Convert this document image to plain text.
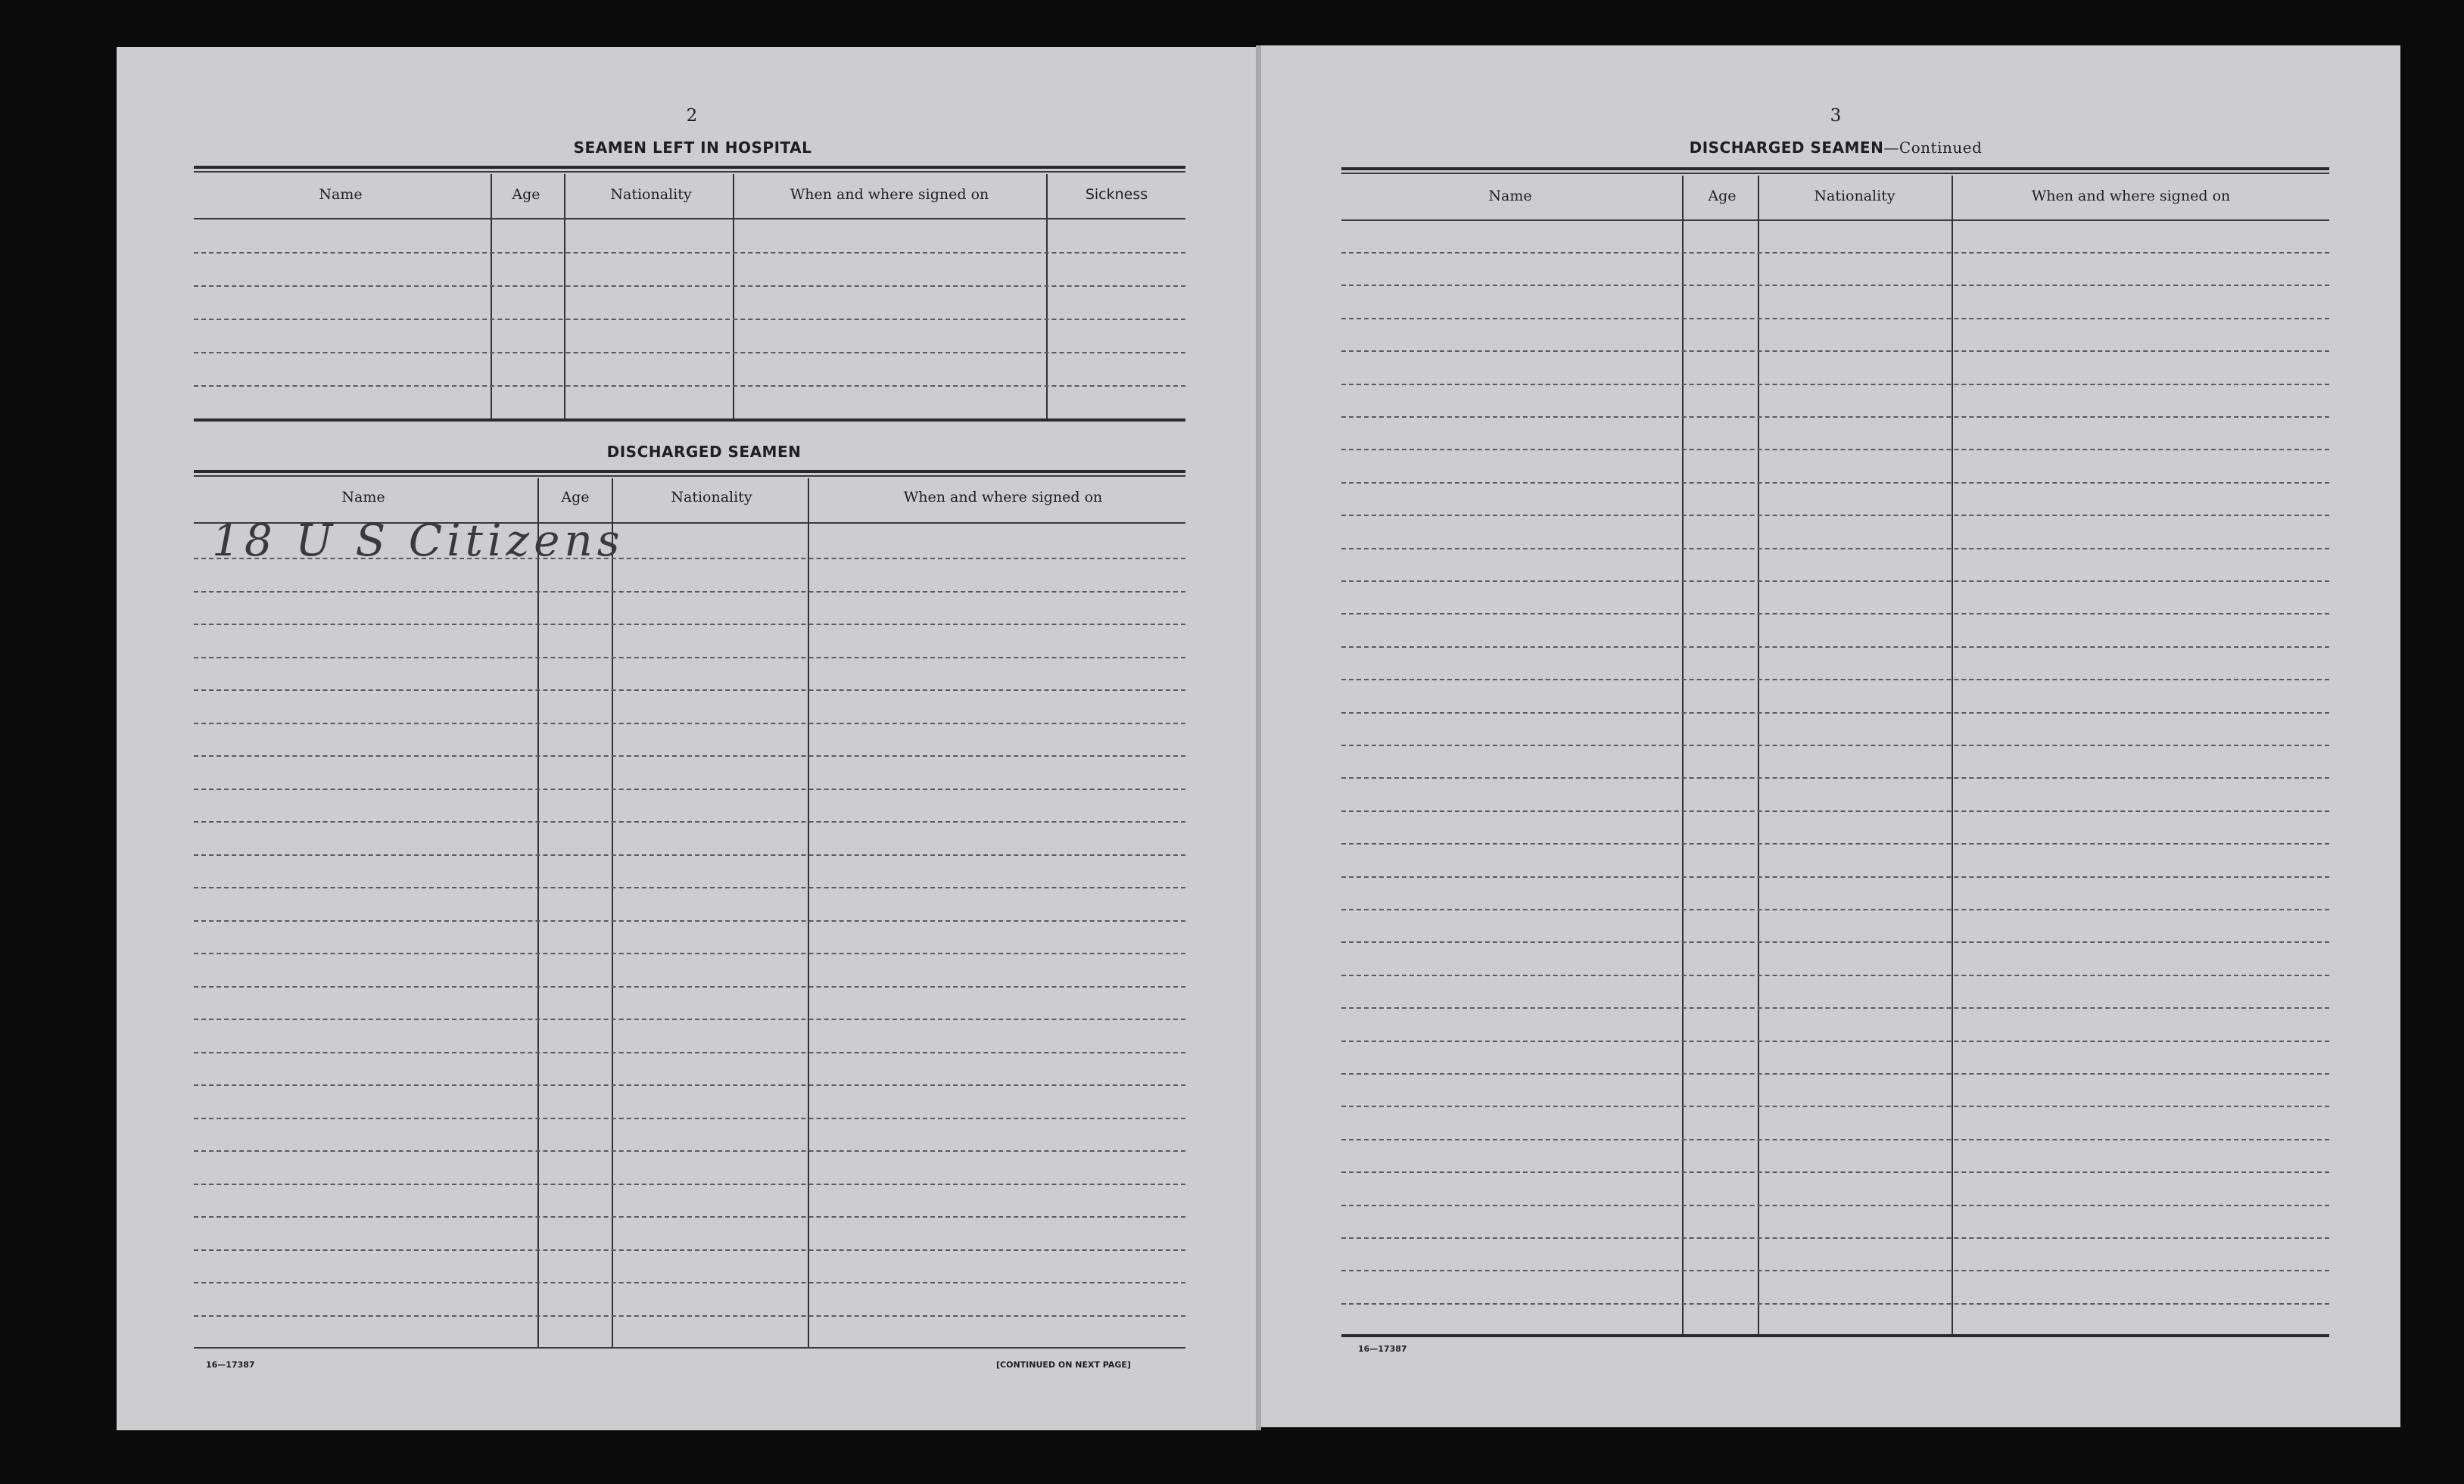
2
SEAMEN LEFT IN HOSPITAL
Name	Age	Nationality	When and where signed on	Sickness
DISCHARGED SEAMEN
Name	Age	Nationality	When and where signed on
18 U S Citizens
16—17387	[CONTINUED ON NEXT PAGE]
3
DISCHARGED SEAMEN—Continued
Name	Age	Nationality	When and where signed on
16—17387
